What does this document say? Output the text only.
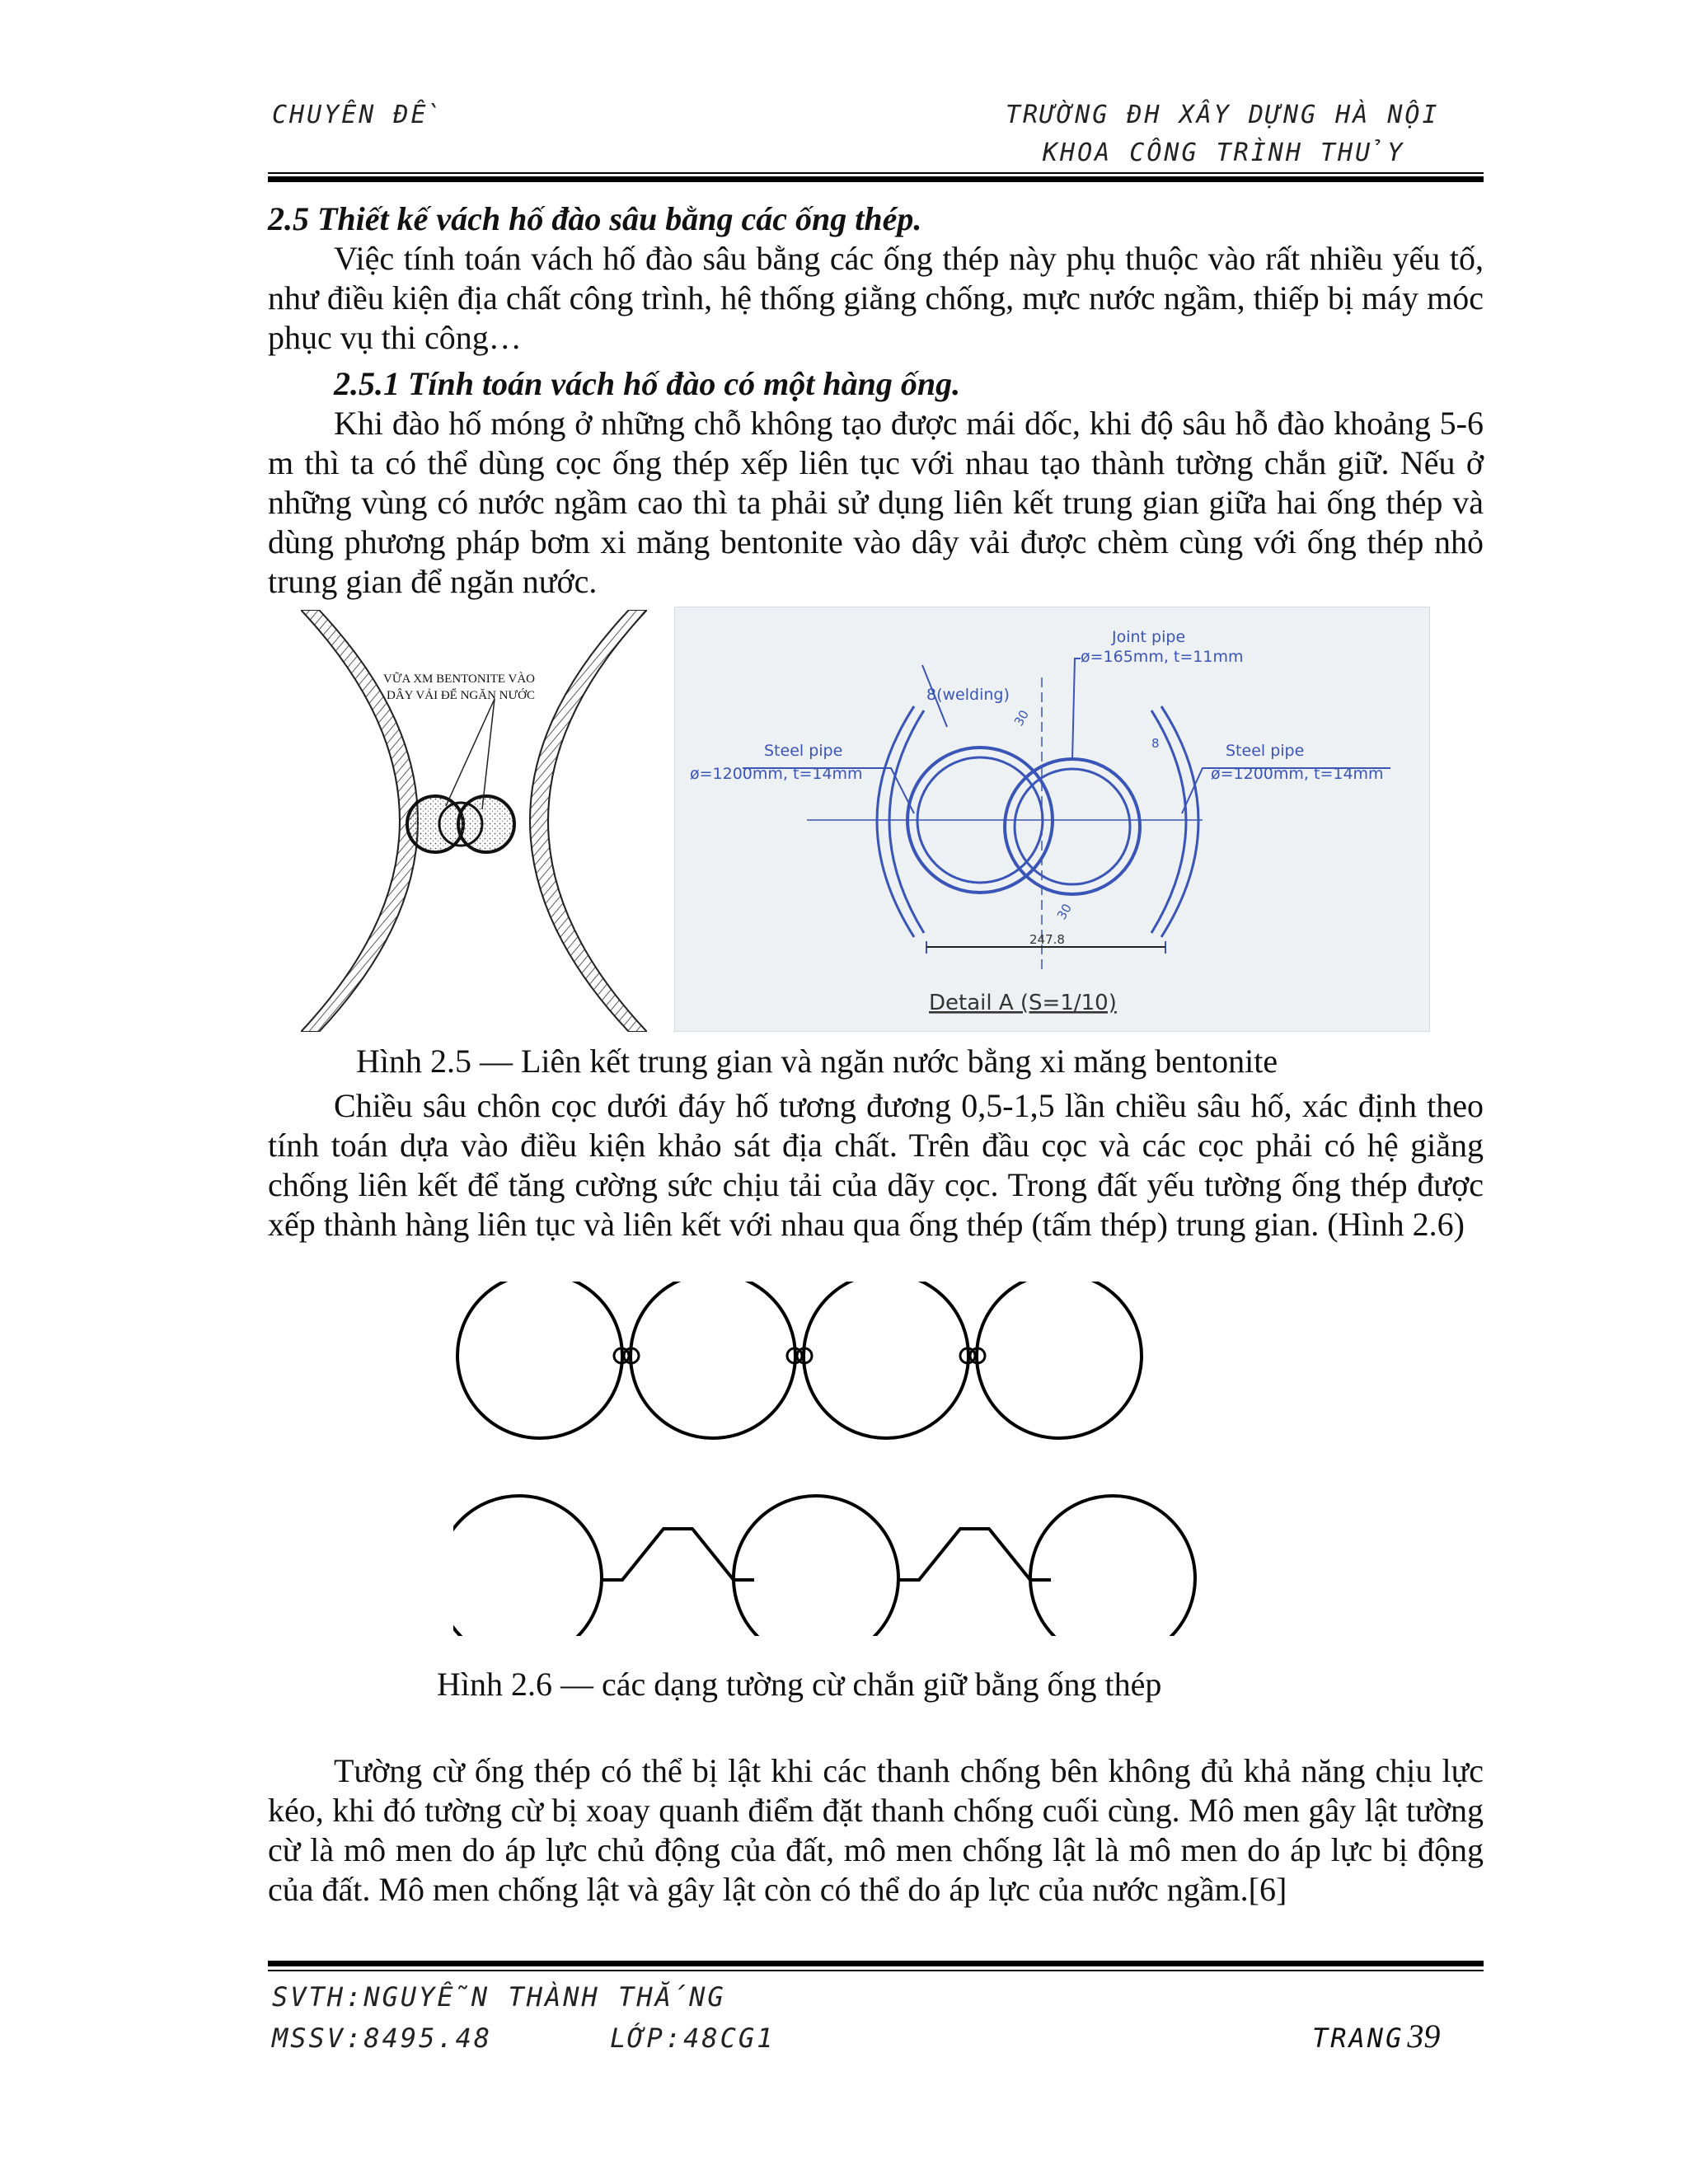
CHUYÊN ĐỀ	TRƯỜNG ĐH XÂY DỰNG HÀ NỘI
KHOA CÔNG TRÌNH THỦY
2.5 Thiết kế vách hố đào sâu bằng các ống thép.
Việc tính toán vách hố đào sâu bằng các ống thép này phụ thuộc vào rất nhiều yếu tố, như điều kiện địa chất công trình, hệ thống giằng chống, mực nước ngầm, thiếp bị máy móc phục vụ thi công…
2.5.1 Tính toán vách hố đào có một hàng ống.
Khi đào hố móng ở những chỗ không tạo được mái dốc, khi độ sâu hỗ đào khoảng 5-6 m thì ta có thể dùng cọc ống thép xếp liên tục với nhau tạo thành tường chắn giữ. Nếu ở những vùng có nước ngầm cao thì ta phải sử dụng liên kết trung gian giữa hai ống thép và dùng phương pháp bơm xi măng bentonite vào dây vải được chèm cùng với ống thép nhỏ trung gian để ngăn nước.
VỮA XM BENTONITE VÀO
DÂY VẢI ĐỂ NGĂN NƯỚC
Joint pipe
ø=165mm, t=11mm
8(welding)
Steel pipe
ø=1200mm, t=14mm
Steel pipe
ø=1200mm, t=14mm
30
30
8
247.8
Detail A (S=1/10)
Hình 2.5 — Liên kết trung gian và ngăn nước bằng xi măng bentonite
Chiều sâu chôn cọc dưới đáy hố tương đương 0,5-1,5 lần chiều sâu hố, xác định theo tính toán dựa vào điều kiện khảo sát địa chất. Trên đầu cọc và các cọc phải có hệ giằng chống liên kết để tăng cường sức chịu tải của dãy cọc. Trong đất yếu tường ống thép được xếp thành hàng liên tục và liên kết với nhau qua ống thép (tấm thép) trung gian. (Hình 2.6)
Hình 2.6 — các dạng tường cừ chắn giữ bằng ống thép
Tường cừ ống thép có thể bị lật khi các thanh chống bên không đủ khả năng chịu lực kéo, khi đó tường cừ bị xoay quanh điểm đặt thanh chống cuối cùng. Mô men gây lật tường cừ là mô men do áp lực chủ động của đất, mô men chống lật là mô men do áp lực bị động của đất. Mô men chống lật và gây lật còn có thể do áp lực của nước ngầm.[6]
SVTH:NGUYỄN THÀNH THẮNG
MSSV:8495.48	LỚP:48CG1	TRANG 39
